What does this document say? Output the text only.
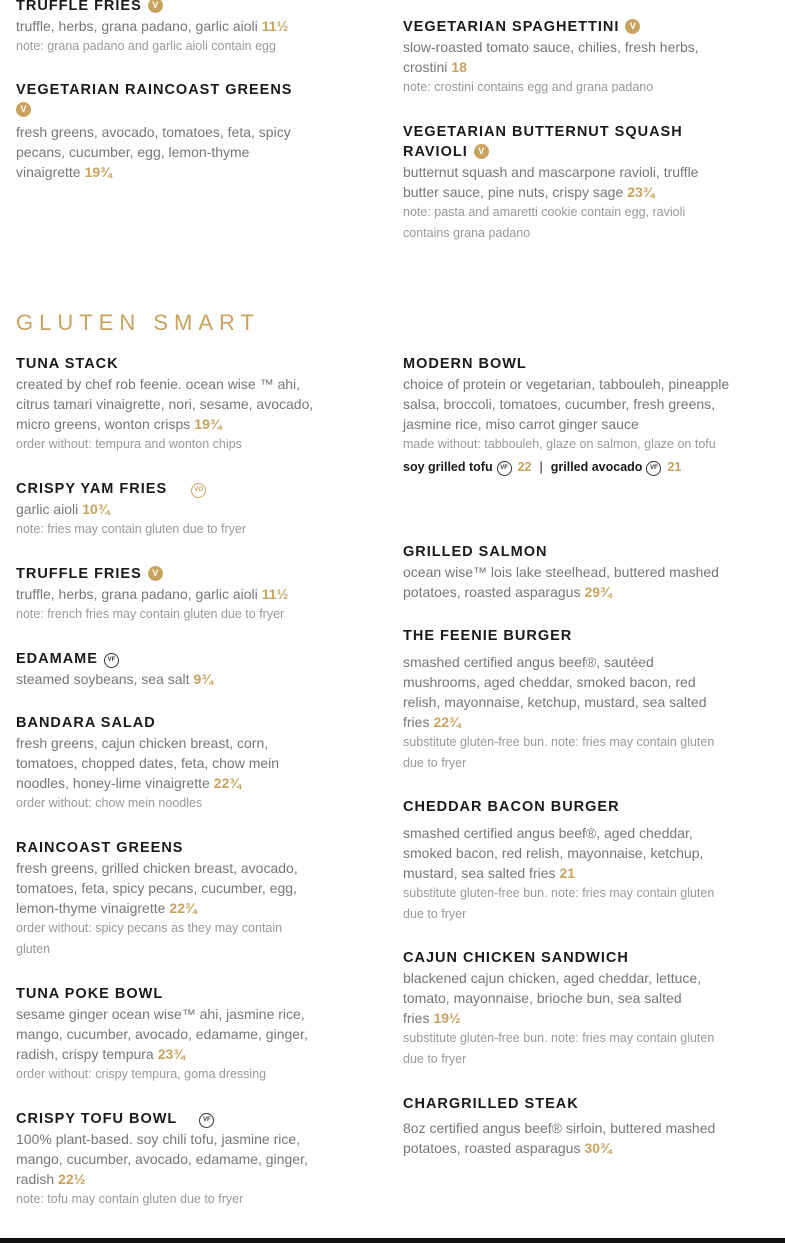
TRUFFLE FRIES V
truffle, herbs, grana padano, garlic aioli 11½
note: grana padano and garlic aioli contain egg
VEGETARIAN RAINCOAST GREENS
V
fresh greens, avocado, tomatoes, feta, spicy pecans, cucumber, egg, lemon-thyme vinaigrette 19¾
VEGETARIAN SPAGHETTINI V
slow-roasted tomato sauce, chilies, fresh herbs, crostini 18
note: crostini contains egg and grana padano
VEGETARIAN BUTTERNUT SQUASH RAVIOLI V
butternut squash and mascarpone ravioli, truffle butter sauce, pine nuts, crispy sage 23¾
note: pasta and amaretti cookie contain egg, ravioli contains grana padano
GLUTEN SMART
TUNA STACK
created by chef rob feenie. ocean wise ™ ahi, citrus tamari vinaigrette, nori, sesame, avocado, micro greens, wonton crisps 19¾
order without: tempura and wonton chips
CRISPY YAM FRIES	VO
garlic aioli 10¾
note: fries may contain gluten due to fryer
TRUFFLE FRIES V
truffle, herbs, grana padano, garlic aioli 11½
note: french fries may contain gluten due to fryer
EDAMAME VF
steamed soybeans, sea salt 9¾
BANDARA SALAD
fresh greens, cajun chicken breast, corn, tomatoes, chopped dates, feta, chow mein noodles, honey-lime vinaigrette 22¾
order without: chow mein noodles
RAINCOAST GREENS
fresh greens, grilled chicken breast, avocado, tomatoes, feta, spicy pecans, cucumber, egg, lemon-thyme vinaigrette 22¾
order without: spicy pecans as they may contain gluten
TUNA POKE BOWL
sesame ginger ocean wise™ ahi, jasmine rice, mango, cucumber, avocado, edamame, ginger, radish, crispy tempura 23¾
order without: crispy tempura, goma dressing
CRISPY TOFU BOWL	VF
100% plant-based. soy chili tofu, jasmine rice, mango, cucumber, avocado, edamame, ginger, radish 22½
note: tofu may contain gluten due to fryer
MODERN BOWL
choice of protein or vegetarian, tabbouleh, pineapple salsa, broccoli, tomatoes, cucumber, fresh greens, jasmine rice, miso carrot ginger sauce
made without: tabbouleh, glaze on salmon, glaze on tofu
soy grilled tofu VF 22 | grilled avocado VF 21
GRILLED SALMON
ocean wise™ lois lake steelhead, buttered mashed potatoes, roasted asparagus 29¾
THE FEENIE BURGER
smashed certified angus beef®, sautéed mushrooms, aged cheddar, smoked bacon, red relish, mayonnaise, ketchup, mustard, sea salted fries 22¾
substitute gluten-free bun. note: fries may contain gluten due to fryer
CHEDDAR BACON BURGER
smashed certified angus beef®, aged cheddar, smoked bacon, red relish, mayonnaise, ketchup, mustard, sea salted fries 21
substitute gluten-free bun. note: fries may contain gluten due to fryer
CAJUN CHICKEN SANDWICH
blackened cajun chicken, aged cheddar, lettuce, tomato, mayonnaise, brioche bun, sea salted fries 19½
substitute gluten-free bun. note: fries may contain gluten due to fryer
CHARGRILLED STEAK
8oz certified angus beef® sirloin, buttered mashed potatoes, roasted asparagus 30¾
